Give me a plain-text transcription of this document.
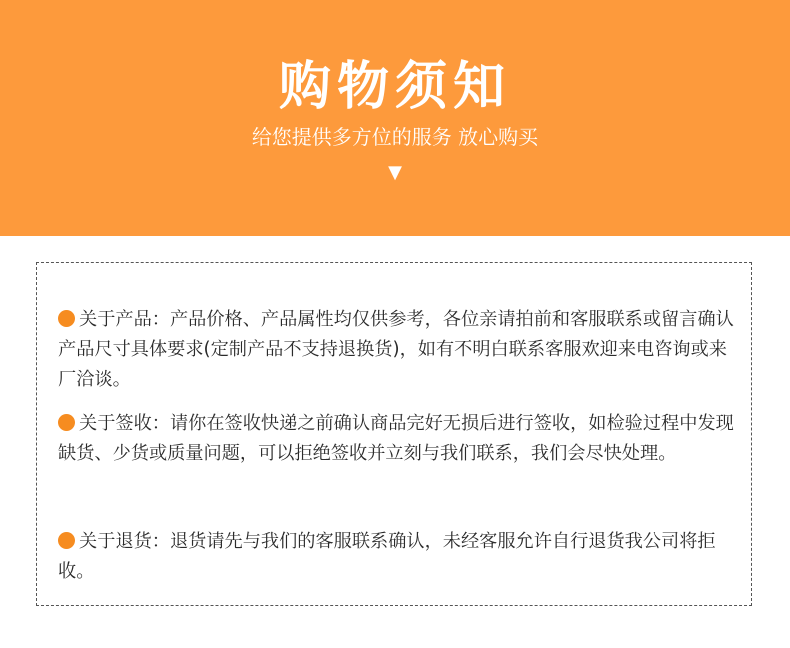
购物须知
给您提供多方位的服务 放心购买
▼
关于产品：产品价格、产品属性均仅供参考，各位亲请拍前和客服联系或留言确认产品尺寸具体要求(定制产品不支持退换货)，如有不明白联系客服欢迎来电咨询或来厂洽谈。
关于签收：请你在签收快递之前确认商品完好无损后进行签收，如检验过程中发现缺货、少货或质量问题，可以拒绝签收并立刻与我们联系，我们会尽快处理。
关于退货：退货请先与我们的客服联系确认，未经客服允许自行退货我公司将拒收。
